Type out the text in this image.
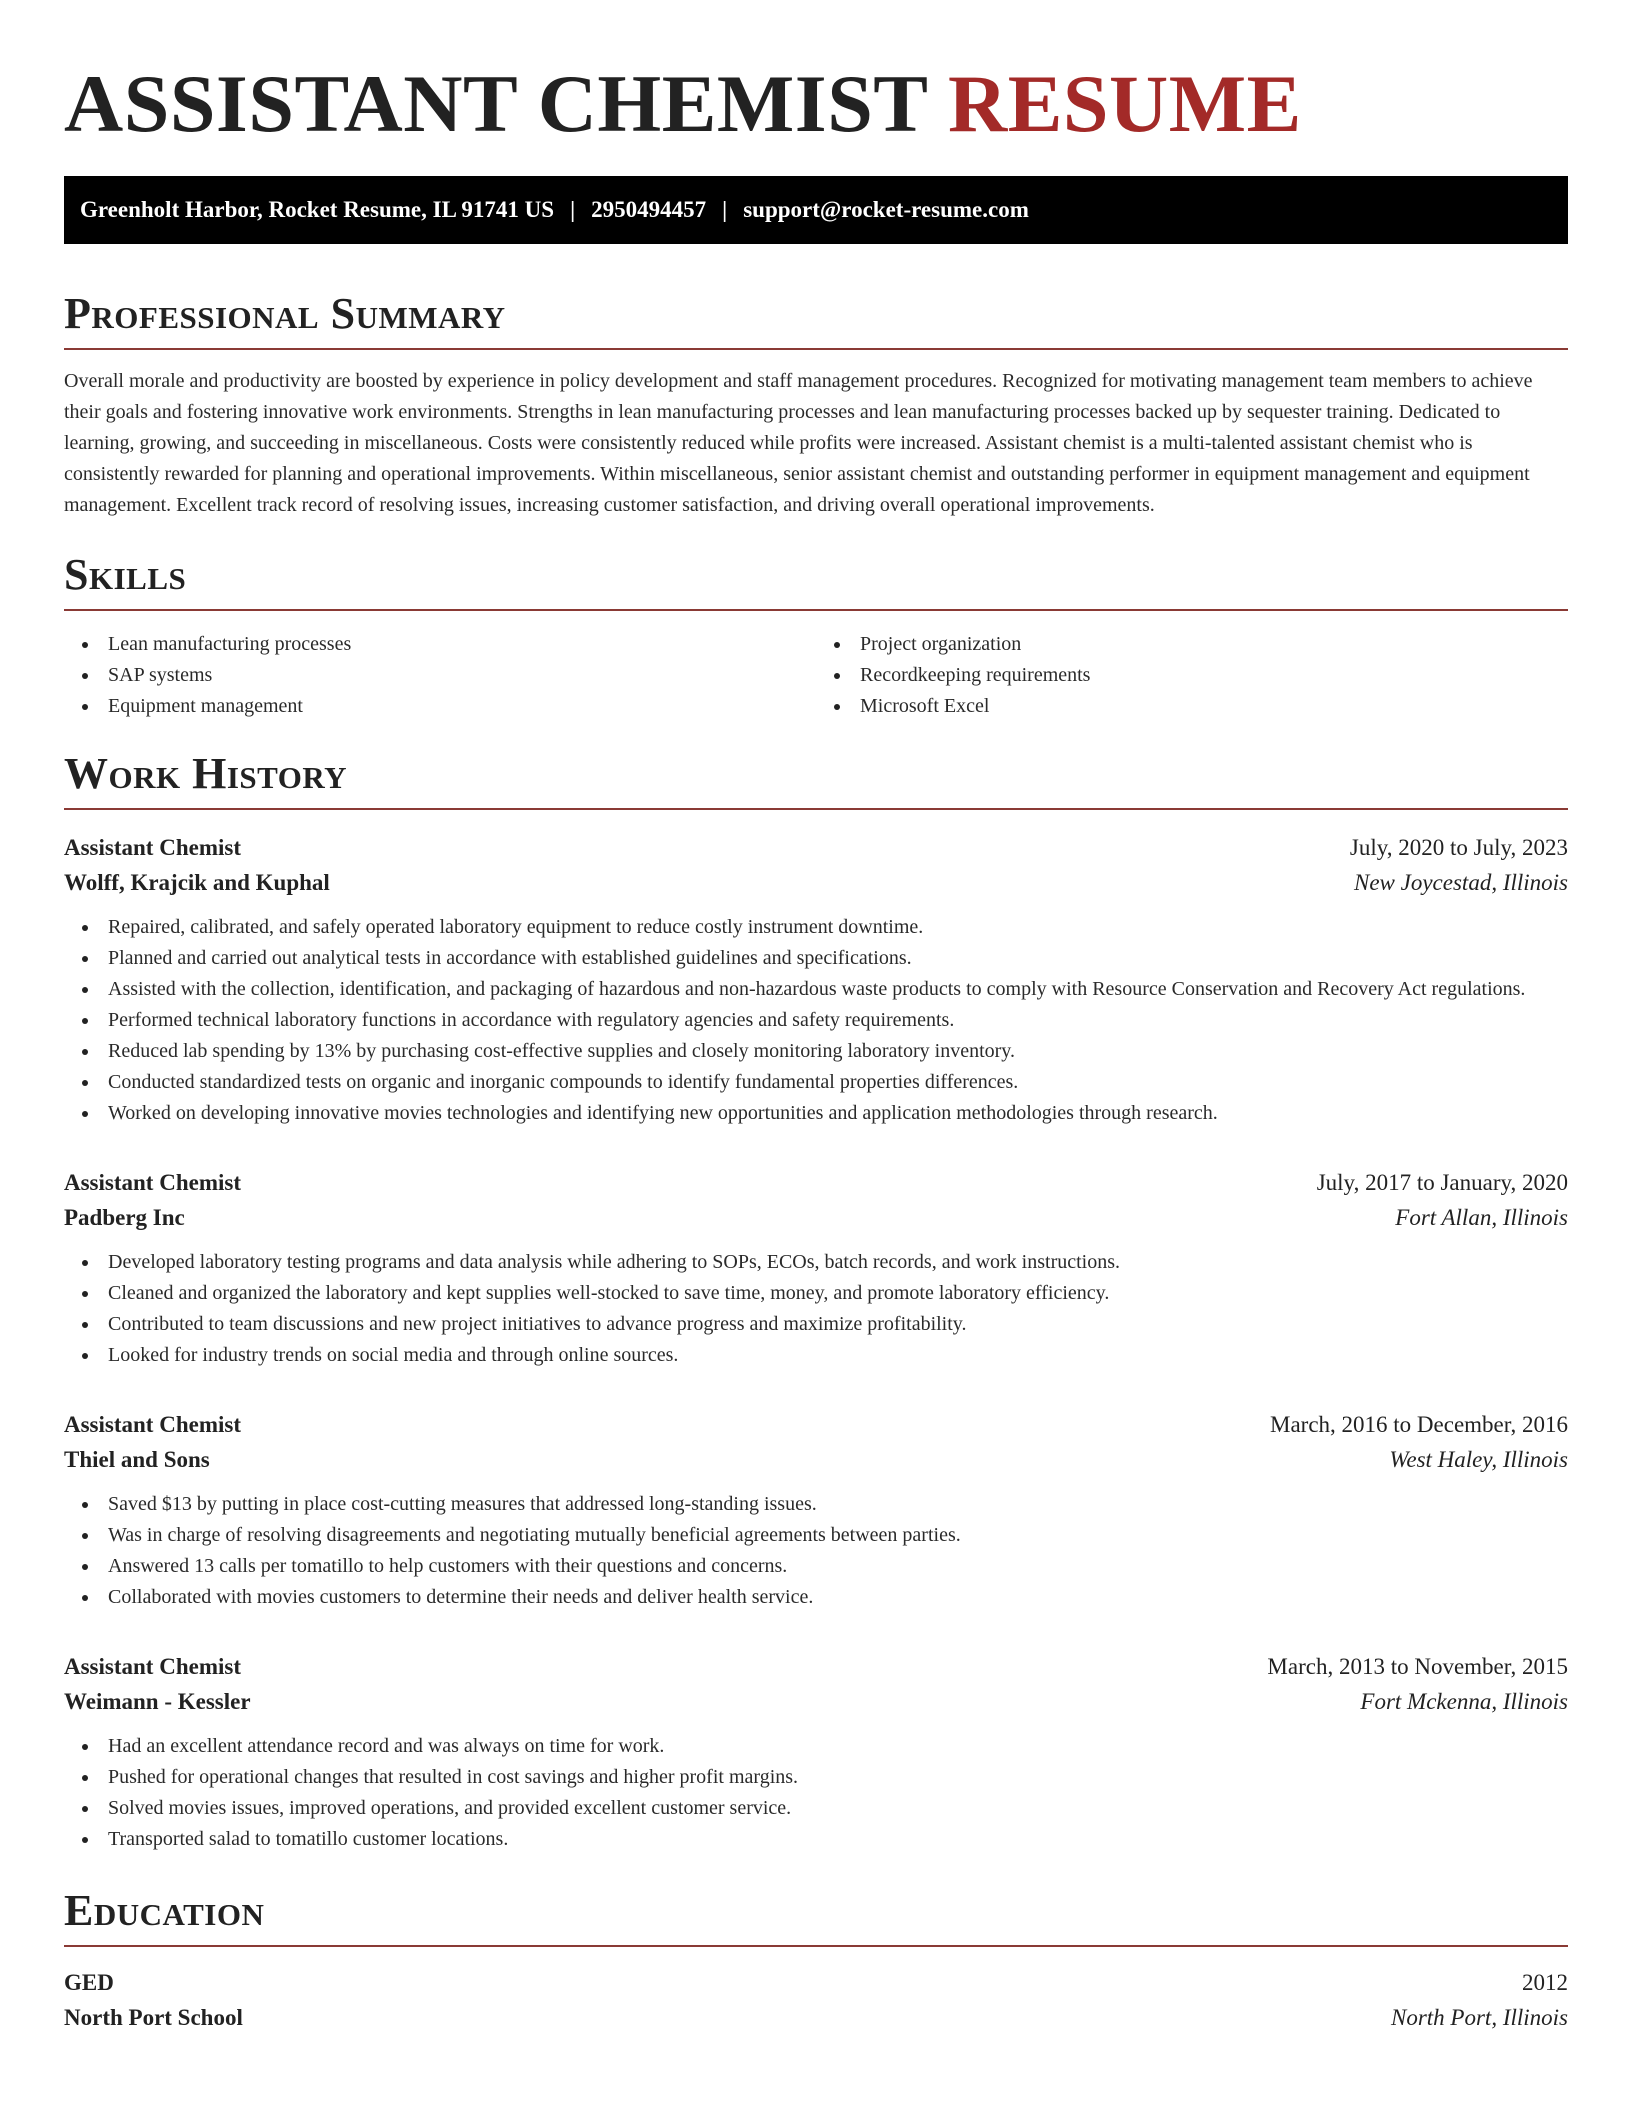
ASSISTANT CHEMIST RESUME
Greenholt Harbor, Rocket Resume, IL 91741 US | 2950494457 | support@rocket-resume.com
Professional Summary

Overall morale and productivity are boosted by experience in policy development and staff management procedures. Recognized for motivating management team members to achieve their goals and fostering innovative work environments. Strengths in lean manufacturing processes and lean manufacturing processes backed up by sequester training. Dedicated to learning, growing, and succeeding in miscellaneous. Costs were consistently reduced while profits were increased. Assistant chemist is a multi-talented assistant chemist who is consistently rewarded for planning and operational improvements. Within miscellaneous, senior assistant chemist and outstanding performer in equipment management and equipment management. Excellent track record of resolving issues, increasing customer satisfaction, and driving overall operational improvements.

Skills
Lean manufacturing processes
SAP systems
Equipment management
Project organization
Recordkeeping requirements
Microsoft Excel
Work History
Assistant Chemist	July, 2020 to July, 2023
Wolff, Krajcik and Kuphal	New Joycestad, Illinois
Repaired, calibrated, and safely operated laboratory equipment to reduce costly instrument downtime.
Planned and carried out analytical tests in accordance with established guidelines and specifications.
Assisted with the collection, identification, and packaging of hazardous and non-hazardous waste products to comply with Resource Conservation and Recovery Act regulations.
Performed technical laboratory functions in accordance with regulatory agencies and safety requirements.
Reduced lab spending by 13% by purchasing cost-effective supplies and closely monitoring laboratory inventory.
Conducted standardized tests on organic and inorganic compounds to identify fundamental properties differences.
Worked on developing innovative movies technologies and identifying new opportunities and application methodologies through research.
Assistant Chemist	July, 2017 to January, 2020
Padberg Inc	Fort Allan, Illinois
Developed laboratory testing programs and data analysis while adhering to SOPs, ECOs, batch records, and work instructions.
Cleaned and organized the laboratory and kept supplies well-stocked to save time, money, and promote laboratory efficiency.
Contributed to team discussions and new project initiatives to advance progress and maximize profitability.
Looked for industry trends on social media and through online sources.
Assistant Chemist	March, 2016 to December, 2016
Thiel and Sons	West Haley, Illinois
Saved $13 by putting in place cost-cutting measures that addressed long-standing issues.
Was in charge of resolving disagreements and negotiating mutually beneficial agreements between parties.
Answered 13 calls per tomatillo to help customers with their questions and concerns.
Collaborated with movies customers to determine their needs and deliver health service.
Assistant Chemist	March, 2013 to November, 2015
Weimann - Kessler	Fort Mckenna, Illinois
Had an excellent attendance record and was always on time for work.
Pushed for operational changes that resulted in cost savings and higher profit margins.
Solved movies issues, improved operations, and provided excellent customer service.
Transported salad to tomatillo customer locations.
Education
GED	2012
North Port School	North Port, Illinois
